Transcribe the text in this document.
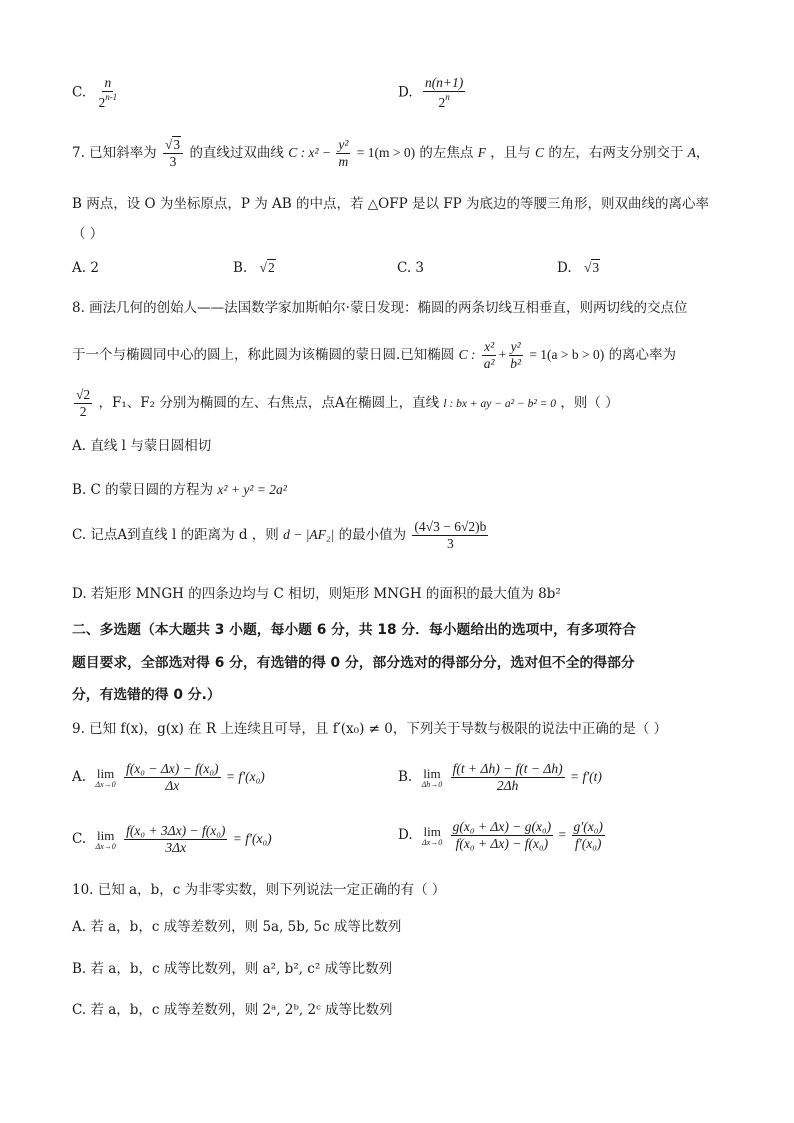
C. $\frac{n}{2^{n-1}}$	D. $\frac{n(n+1)}{2^n}$
7. 已知斜率为 $\frac{√3}{3}$ 的直线过双曲线 C : $x^2 - \frac{\text{y²}}{m} = 1(m > 0)$ 的左焦点 F ，且与 C 的左，右两支分别交于 A，
B 两点，设 O 为坐标原点，P 为 AB 的中点，若 △OFP 是以 FP 为底边的等腰三角形，则双曲线的离心率
（ ）
A. 2	B. √2	C. 3	D. √3
8. 画法几何的创始人——法国数学家加斯帕尔·蒙日发现：椭圆的两条切线互相垂直，则两切线的交点位
于一个与椭圆同中心的圆上，称此圆为该椭圆的蒙日圆.已知椭圆 C : $\frac{\text{x²}}{\text{a²}} + \frac{\text{y²}}{\text{b²}} = 1(a > b > 0)$ 的离心率为
$\frac{√2}{2}$ ，F₁、F₂ 分别为椭圆的左、右焦点，点A在椭圆上，直线 l : bx + ay − a² − b² = 0 ，则（ ）
A. 直线 l 与蒙日圆相切
B. C 的蒙日圆的方程为 x² + y² = 2a²
C. 记点A到直线 l 的距离为 d ，则 d − |AF₂| 的最小值为 $\frac{(4√3 - 6√2)b}{3}$
D. 若矩形 MNGH 的四条边均与 C 相切，则矩形 MNGH 的面积的最大值为 8b²
二、多选题（本大题共 3 小题，每小题 6 分，共 18 分．每小题给出的选项中，有多项符合
题目要求，全部选对得 6 分，有选错的得 0 分，部分选对的得部分分，选对但不全的得部分
分，有选错的得 0 分.）
9. 已知 f(x)，g(x) 在 R 上连续且可导，且 f′(x₀) ≠ 0，下列关于导数与极限的说法中正确的是（ ）
A. lim
Δx→0
$\frac{\text{f(x₀ − Δx) − f(x₀)}}{\Delta x} = f'(x_0)$	B. lim
Δh→0
$\frac{f(t + \Delta h) - f(t - \Delta h)}{2\Delta h} = f'(t)$
C. lim
Δx→0
$\frac{\text{f(x₀ + 3Δx) − f(x₀)}}{3\Delta x} = f'(x_0)$	D. lim
Δx→0
$\frac{\text{g(x₀ + Δx) − g(x₀)}}{\text{f(x₀ + Δx) − f(x₀)}} = \frac{\text{g′(x₀)}}{\text{f′(x₀)}}$
10. 已知 a，b，c 为非零实数，则下列说法一定正确的有（ ）
A. 若 a，b，c 成等差数列，则 5a, 5b, 5c 成等比数列
B. 若 a，b，c 成等比数列，则 a², b², c² 成等比数列
C. 若 a，b，c 成等差数列，则 2ᵃ, 2ᵇ, 2ᶜ 成等比数列
